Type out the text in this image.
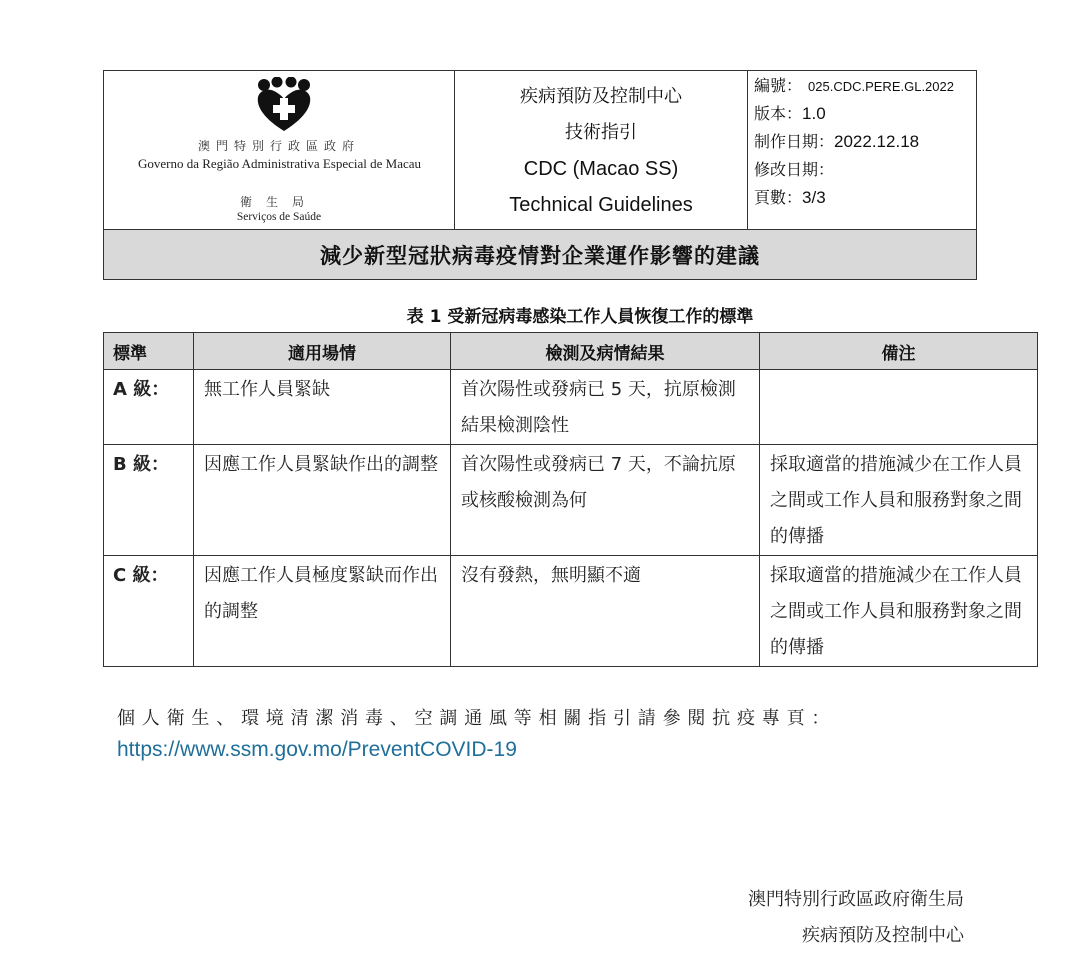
澳門特別行政區政府
Governo da Região Administrativa Especial de Macau
衛生局
Serviços de Saúde
疾病預防及控制中心
技術指引
CDC (Macao SS)
Technical Guidelines
編號： 025.CDC.PERE.GL.2022
版本：1.0
制作日期：2022.12.18
修改日期：
頁數：3/3
減少新型冠狀病毒疫情對企業運作影響的建議
表 1 受新冠病毒感染工作人員恢復工作的標準
標準	適用場情	檢測及病情結果	備注
A 級：	無工作人員緊缺	首次陽性或發病已 5 天，抗原檢測結果檢測陰性	
B 級：	因應工作人員緊缺作出的調整	首次陽性或發病已 7 天，不論抗原或核酸檢測為何	採取適當的措施減少在工作人員之間或工作人員和服務對象之間的傳播
C 級：	因應工作人員極度緊缺而作出的調整	沒有發熱，無明顯不適	採取適當的措施減少在工作人員之間或工作人員和服務對象之間的傳播
個人衛生、環境清潔消毒、空調通風等相關指引請參閱抗疫專頁：
https://www.ssm.gov.mo/PreventCOVID-19
澳門特別行政區政府衛生局
疾病預防及控制中心
